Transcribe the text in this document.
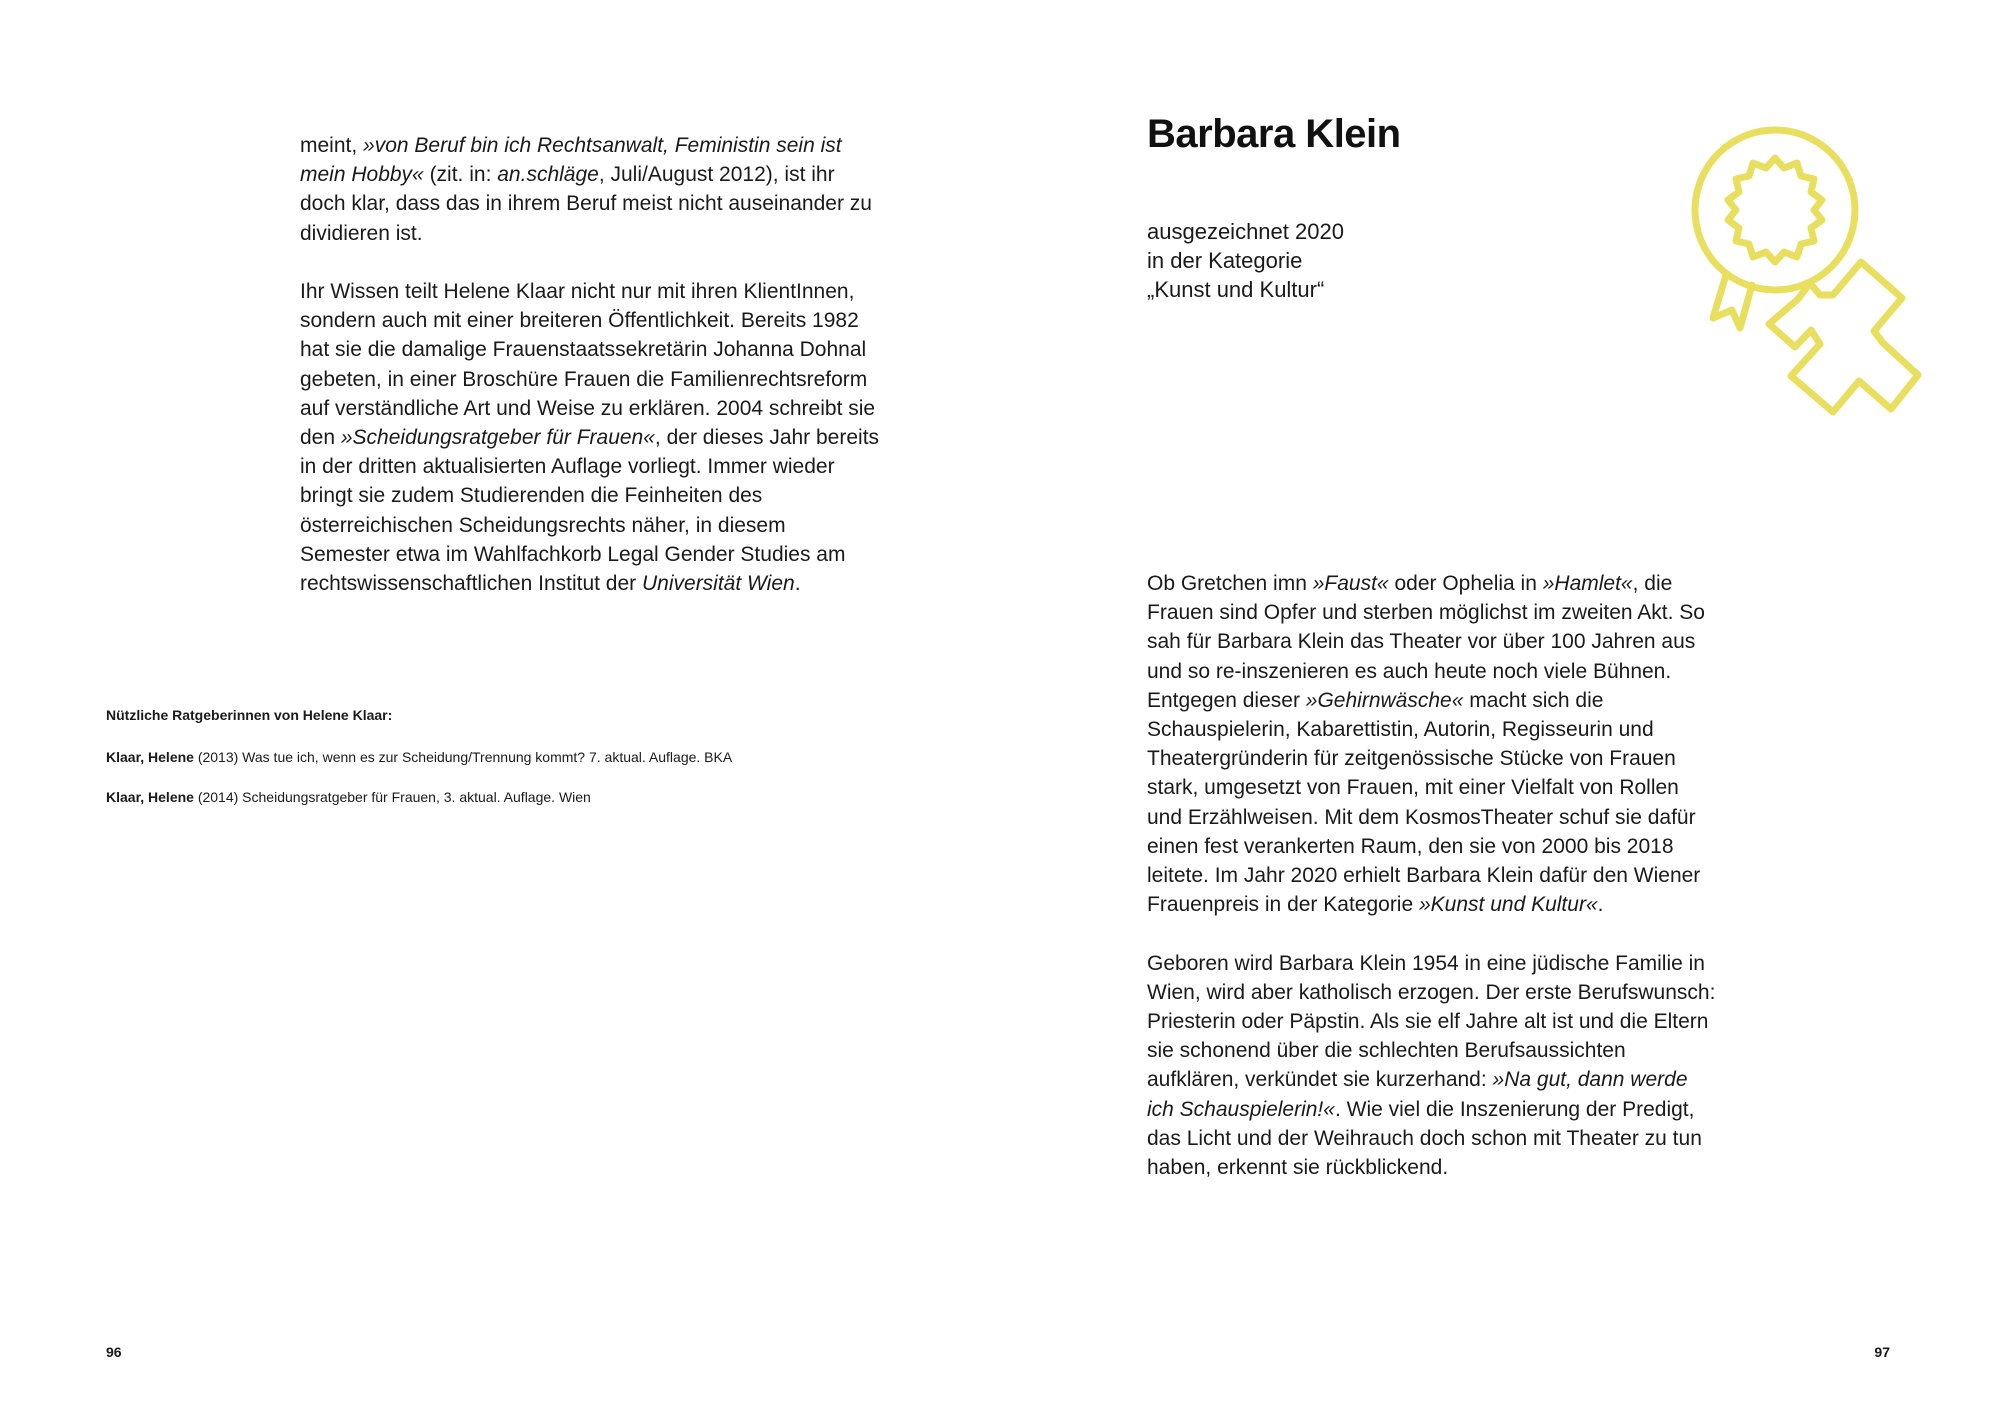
meint, »von Beruf bin ich Rechtsanwalt, Feministin sein ist mein Hobby« (zit. in: an.schläge, Juli/August 2012), ist ihr doch klar, dass das in ihrem Beruf meist nicht auseinander zu dividieren ist.

Ihr Wissen teilt Helene Klaar nicht nur mit ihren KlientInnen, sondern auch mit einer breiteren Öffentlichkeit. Bereits 1982 hat sie die damalige Frauenstaatssekretärin Johanna Dohnal gebeten, in einer Broschüre Frauen die Familienrechtsreform auf verständliche Art und Weise zu erklären. 2004 schreibt sie den »Scheidungsratgeber für Frauen«, der dieses Jahr bereits in der dritten aktualisierten Auflage vorliegt. Immer wieder bringt sie zudem Studierenden die Feinheiten des österreichischen Scheidungsrechts näher, in diesem Semester etwa im Wahlfachkorb Legal Gender Studies am rechtswissenschaftlichen Institut der Universität Wien.

Nützliche Ratgeberinnen von Helene Klaar:
Klaar, Helene (2013) Was tue ich, wenn es zur Scheidung/Trennung kommt? 7. aktual. Auflage. BKA
Klaar, Helene (2014) Scheidungsratgeber für Frauen, 3. aktual. Auflage. Wien
96
Barbara Klein
ausgezeichnet 2020
in der Kategorie
„Kunst und Kultur“

Ob Gretchen imn »Faust« oder Ophelia in »Hamlet«, die Frauen sind Opfer und sterben möglichst im zweiten Akt. So sah für Barbara Klein das Theater vor über 100 Jahren aus und so re-inszenieren es auch heute noch viele Bühnen. Entgegen dieser »Gehirnwäsche« macht sich die Schauspielerin, Kabarettistin, Autorin, Regisseurin und Theatergründerin für zeitgenössische Stücke von Frauen stark, umgesetzt von Frauen, mit einer Vielfalt von Rollen und Erzählweisen. Mit dem KosmosTheater schuf sie dafür einen fest verankerten Raum, den sie von 2000 bis 2018 leitete. Im Jahr 2020 erhielt Barbara Klein dafür den Wiener Frauenpreis in der Kategorie »Kunst und Kultur«.

Geboren wird Barbara Klein 1954 in eine jüdische Familie in Wien, wird aber katholisch erzogen. Der erste Berufswunsch: Priesterin oder Päpstin. Als sie elf Jahre alt ist und die Eltern sie schonend über die schlechten Berufsaussichten aufklären, verkündet sie kurzerhand: »Na gut, dann werde ich Schauspielerin!«. Wie viel die Inszenierung der Predigt, das Licht und der Weihrauch doch schon mit Theater zu tun haben, erkennt sie rückblickend.

97
